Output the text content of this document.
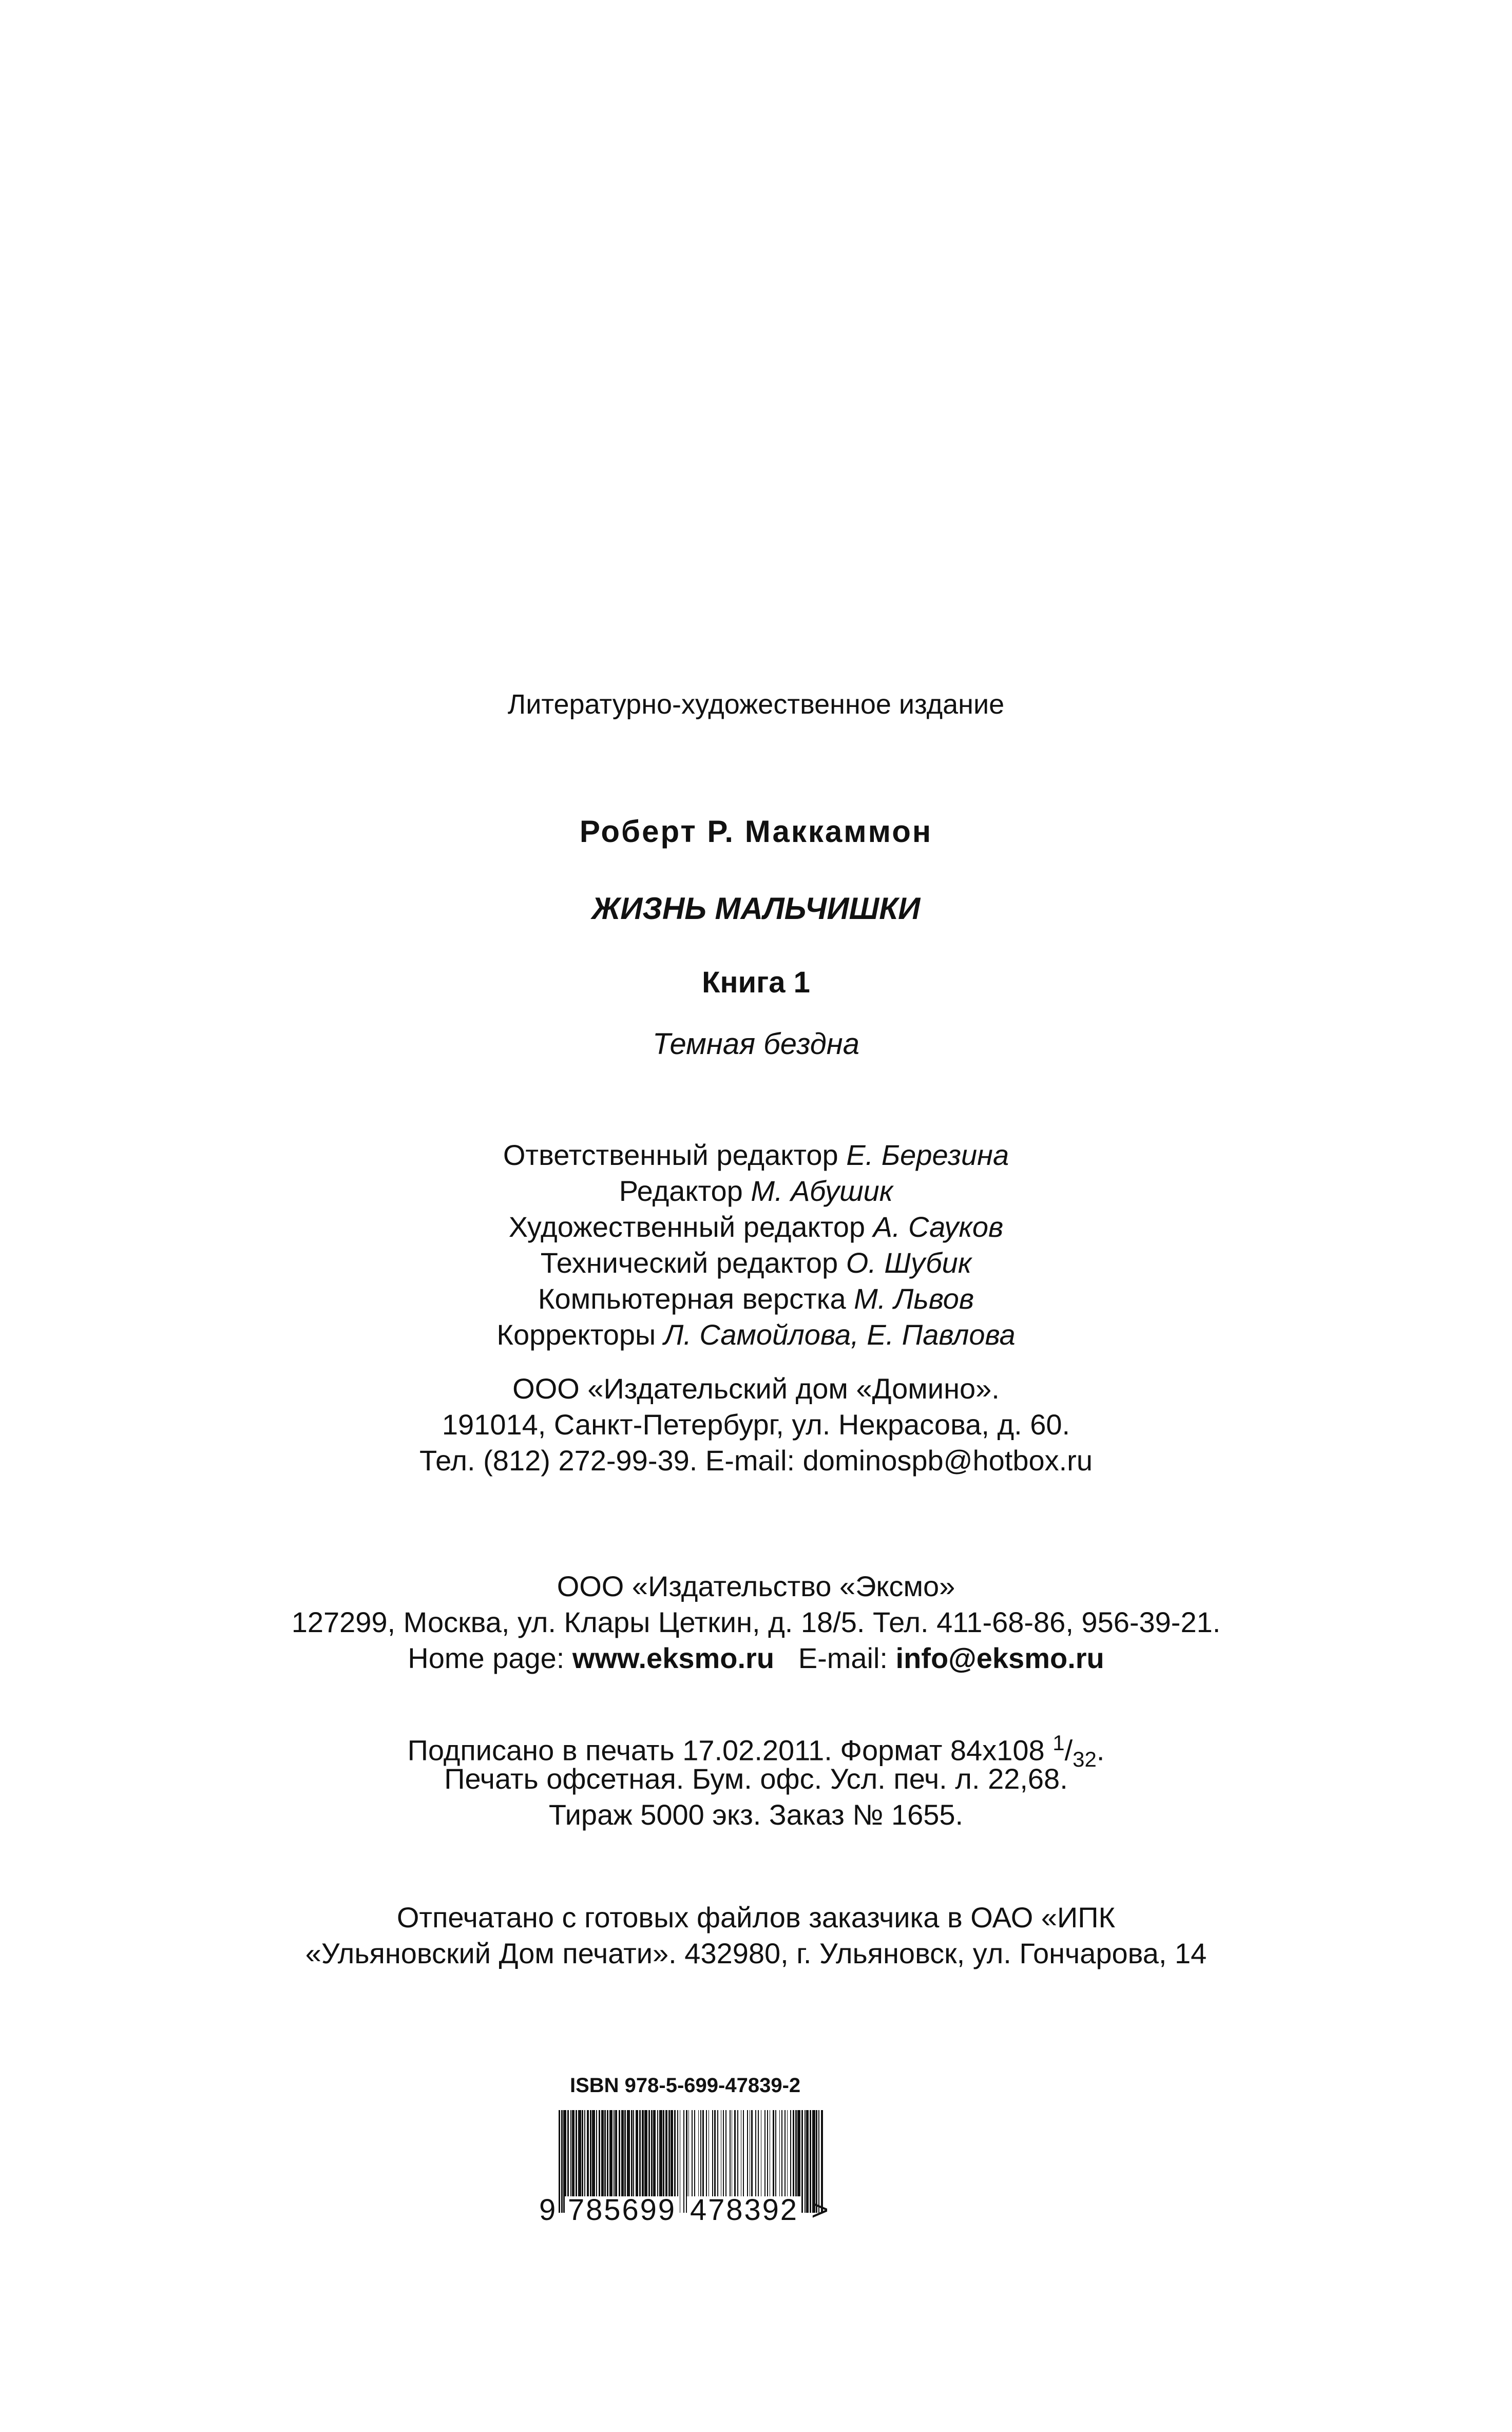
Литературно-художественное издание
Роберт Р. Маккаммон
ЖИЗНЬ МАЛЬЧИШКИ
Книга 1
Темная бездна
Ответственный редактор Е. Березина
Редактор М. Абушик
Художественный редактор А. Сауков
Технический редактор О. Шубик
Компьютерная верстка М. Львов
Корректоры Л. Самойлова, Е. Павлова
ООО «Издательский дом «Домино».
191014, Санкт-Петербург, ул. Некрасова, д. 60.
Тел. (812) 272-99-39. E-mail: dominospb@hotbox.ru
ООО «Издательство «Эксмо»
127299, Москва, ул. Клары Цеткин, д. 18/5. Тел. 411-68-86, 956-39-21.
Home page: www.eksmo.ru E-mail: info@eksmo.ru
Подписано в печать 17.02.2011. Формат 84x108 $^1/_{32}$.
Печать офсетная. Бум. офс. Усл. печ. л. 22,68.
Тираж 5000 экз. Заказ № 1655.
Отпечатано с готовых файлов заказчика в ОАО «ИПК
«Ульяновский Дом печати». 432980, г. Ульяновск, ул. Гончарова, 14
ISBN 978-5-699-47839-2
9 785699 478392 >
